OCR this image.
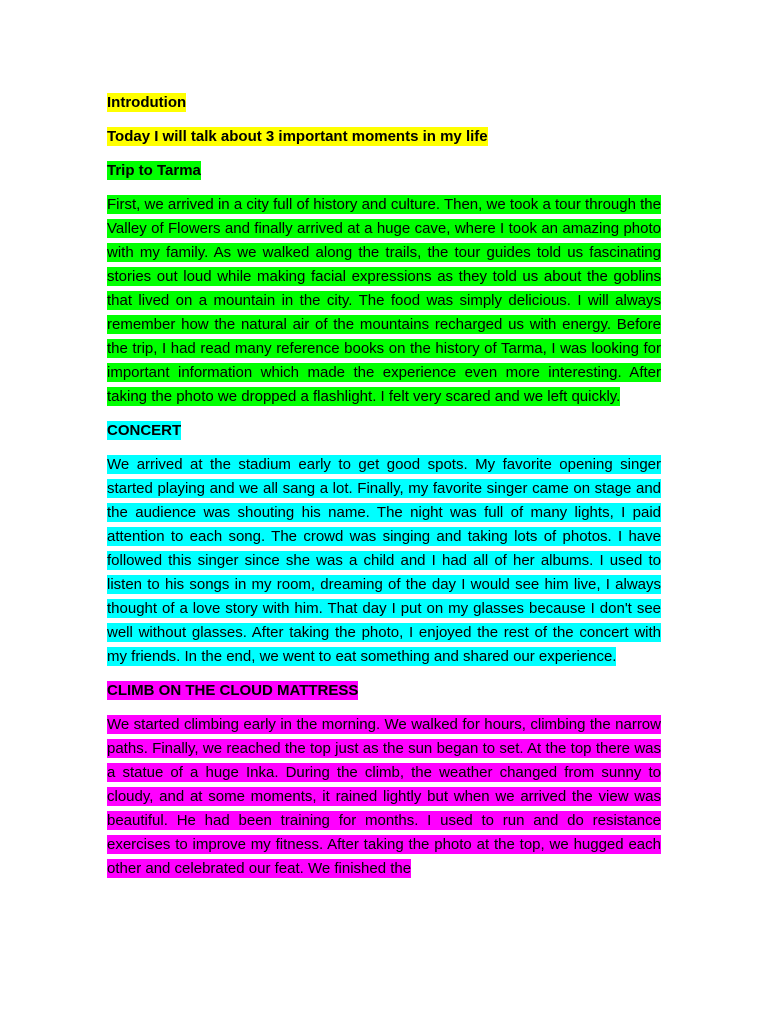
Introdution
Today I will talk about 3 important moments in my life
Trip to Tarma

First, we arrived in a city full of history and culture. Then, we took a tour through the Valley of Flowers and finally arrived at a huge cave, where I took an amazing photo with my family. As we walked along the trails, the tour guides told us fascinating stories out loud while making facial expressions as they told us about the goblins that lived on a mountain in the city. The food was simply delicious. I will always remember how the natural air of the mountains recharged us with energy. Before the trip, I had read many reference books on the history of Tarma, I was looking for important information which made the experience even more interesting. After taking the photo we dropped a flashlight. I felt very scared and we left quickly.

CONCERT

We arrived at the stadium early to get good spots. My favorite opening singer started playing and we all sang a lot. Finally, my favorite singer came on stage and the audience was shouting his name. The night was full of many lights, I paid attention to each song. The crowd was singing and taking lots of photos. I have followed this singer since she was a child and I had all of her albums. I used to listen to his songs in my room, dreaming of the day I would see him live, I always thought of a love story with him. That day I put on my glasses because I don't see well without glasses. After taking the photo, I enjoyed the rest of the concert with my friends. In the end, we went to eat something and shared our experience.

CLIMB ON THE CLOUD MATTRESS

We started climbing early in the morning. We walked for hours, climbing the narrow paths. Finally, we reached the top just as the sun began to set. At the top there was a statue of a huge Inka. During the climb, the weather changed from sunny to cloudy, and at some moments, it rained lightly but when we arrived the view was beautiful. He had been training for months. I used to run and do resistance exercises to improve my fitness. After taking the photo at the top, we hugged each other and celebrated our feat. We finished the
